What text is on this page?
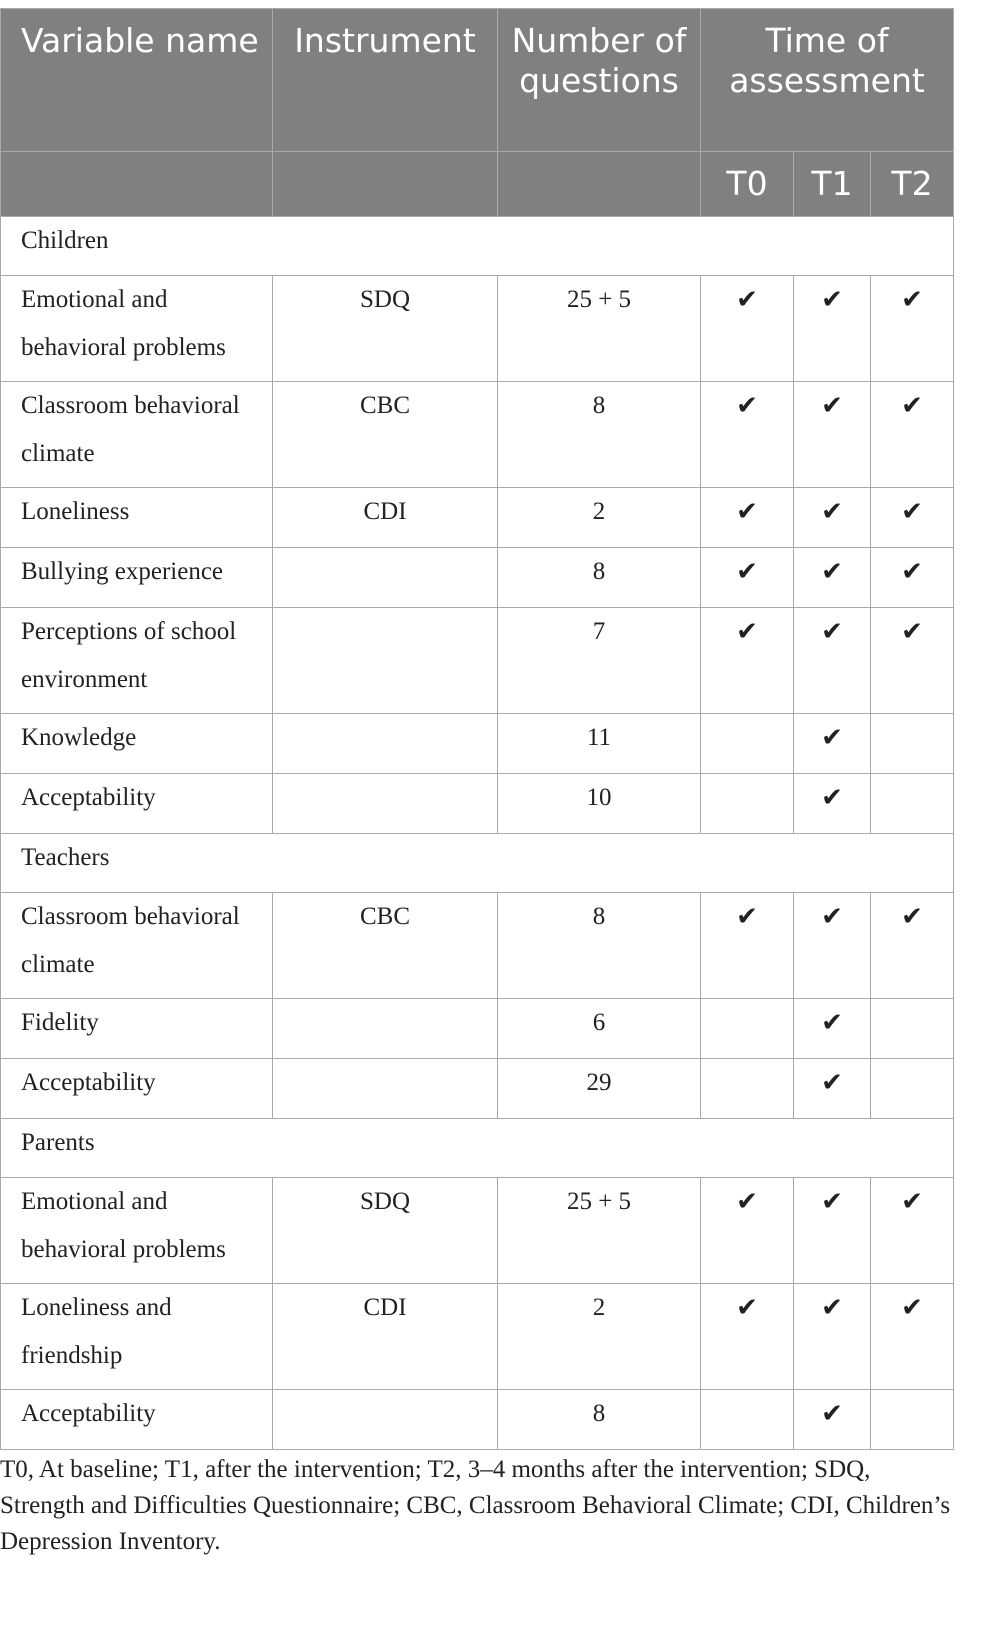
Variable name	Instrument	Number of questions	Time of assessment		
			T0	T1	T2
Children					
Emotional and behavioral problems	SDQ	25 + 5	✔	✔	✔
Classroom behavioral climate	CBC	8	✔	✔	✔
Loneliness	CDI	2	✔	✔	✔
Bullying experience		8	✔	✔	✔
Perceptions of school environment		7	✔	✔	✔
Knowledge		11		✔	
Acceptability		10		✔	
Teachers					
Classroom behavioral climate	CBC	8	✔	✔	✔
Fidelity		6		✔	
Acceptability		29		✔	
Parents					
Emotional and behavioral problems	SDQ	25 + 5	✔	✔	✔
Loneliness and friendship	CDI	2	✔	✔	✔
Acceptability		8		✔	
T0, At baseline; T1, after the intervention; T2, 3–4 months after the intervention; SDQ, Strength and Difficulties Questionnaire; CBC, Classroom Behavioral Climate; CDI, Children’s Depression Inventory.
